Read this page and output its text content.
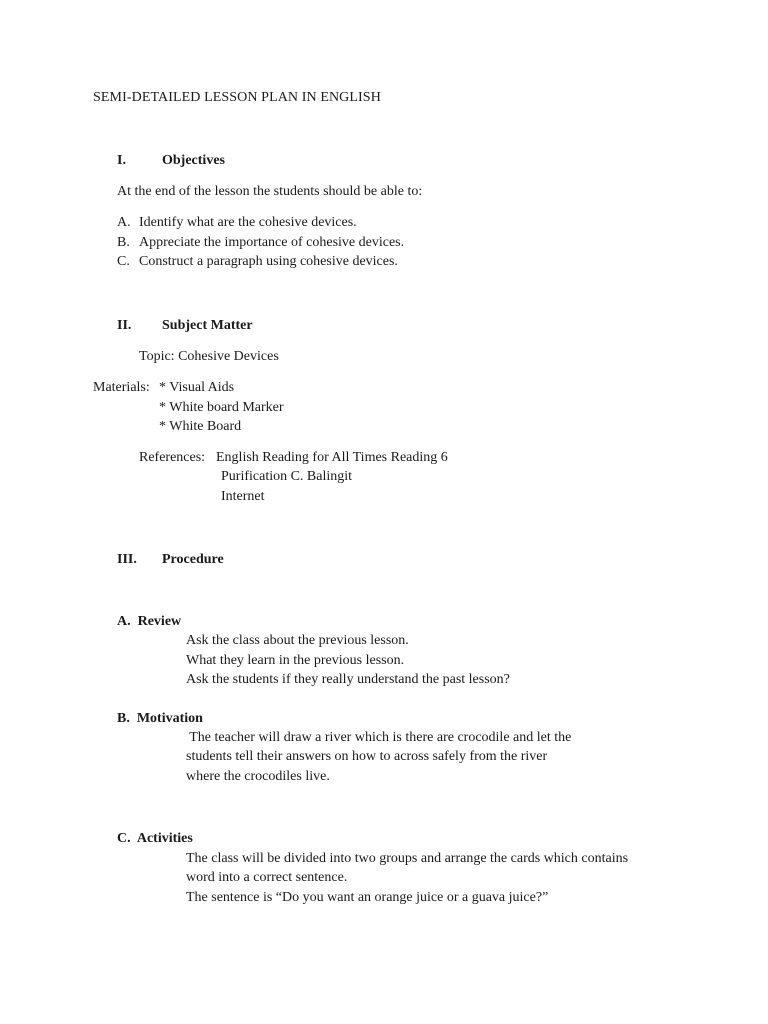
SEMI-DETAILED LESSON PLAN IN ENGLISH
I.	Objectives
At the end of the lesson the students should be able to:
A. Identify what are the cohesive devices.
B. Appreciate the importance of cohesive devices.
C. Construct a paragraph using cohesive devices.
II. Subject Matter
Topic: Cohesive Devices
Materials: * Visual Aids
* White board Marker
* White Board
References: English Reading for All Times Reading 6
Purification C. Balingit
Internet
III. Procedure
A.  Review
Ask the class about the previous lesson.
What they learn in the previous lesson.
Ask the students if they really understand the past lesson?
B.  Motivation
The teacher will draw a river which is there are crocodile and let the
students tell their answers on how to across safely from the river
where the crocodiles live.
C.  Activities
The class will be divided into two groups and arrange the cards which contains
word into a correct sentence.
The sentence is “Do you want an orange juice or a guava juice?”
